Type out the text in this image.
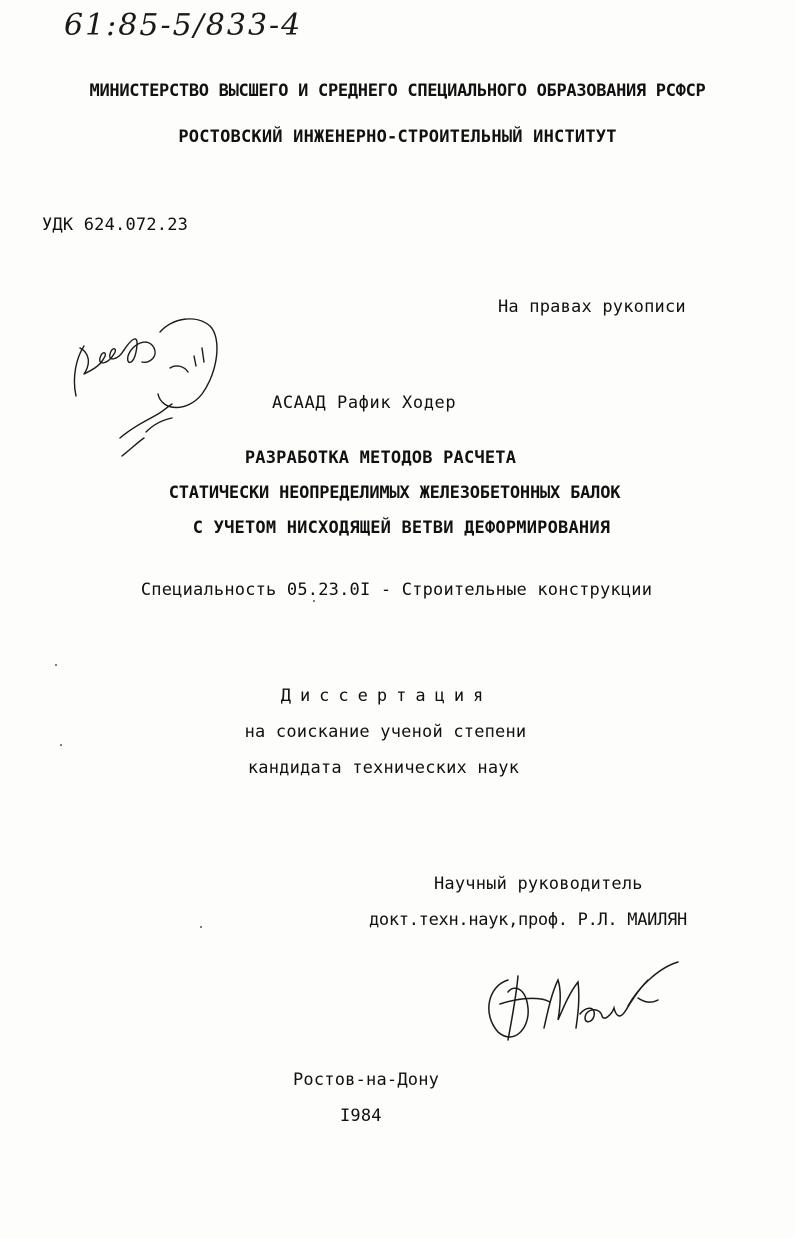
61:85-5/833-4
МИНИСТЕРСТВО ВЫСШЕГО И СРЕДНЕГО СПЕЦИАЛЬНОГО ОБРАЗОВАНИЯ РСФСР
РОСТОВСКИЙ ИНЖЕНЕРНО-СТРОИТЕЛЬНЫЙ ИНСТИТУТ
УДК 624.072.23
На правах рукописи
АСААД Рафик Ходер
РАЗРАБОТКА МЕТОДОВ РАСЧЕТА
СТАТИЧЕСКИ НЕОПРЕДЕЛИМЫХ ЖЕЛЕЗОБЕТОННЫХ БАЛОК
С УЧЕТОМ НИСХОДЯЩЕЙ ВЕТВИ ДЕФОРМИРОВАНИЯ
Специальность 05.23.0I - Строительные конструкции
Диссертация
на соискание ученой степени
кандидата технических наук
Научный руководитель
докт.техн.наук,проф. Р.Л. МАИЛЯН
Ростов-на-Дону
I984
